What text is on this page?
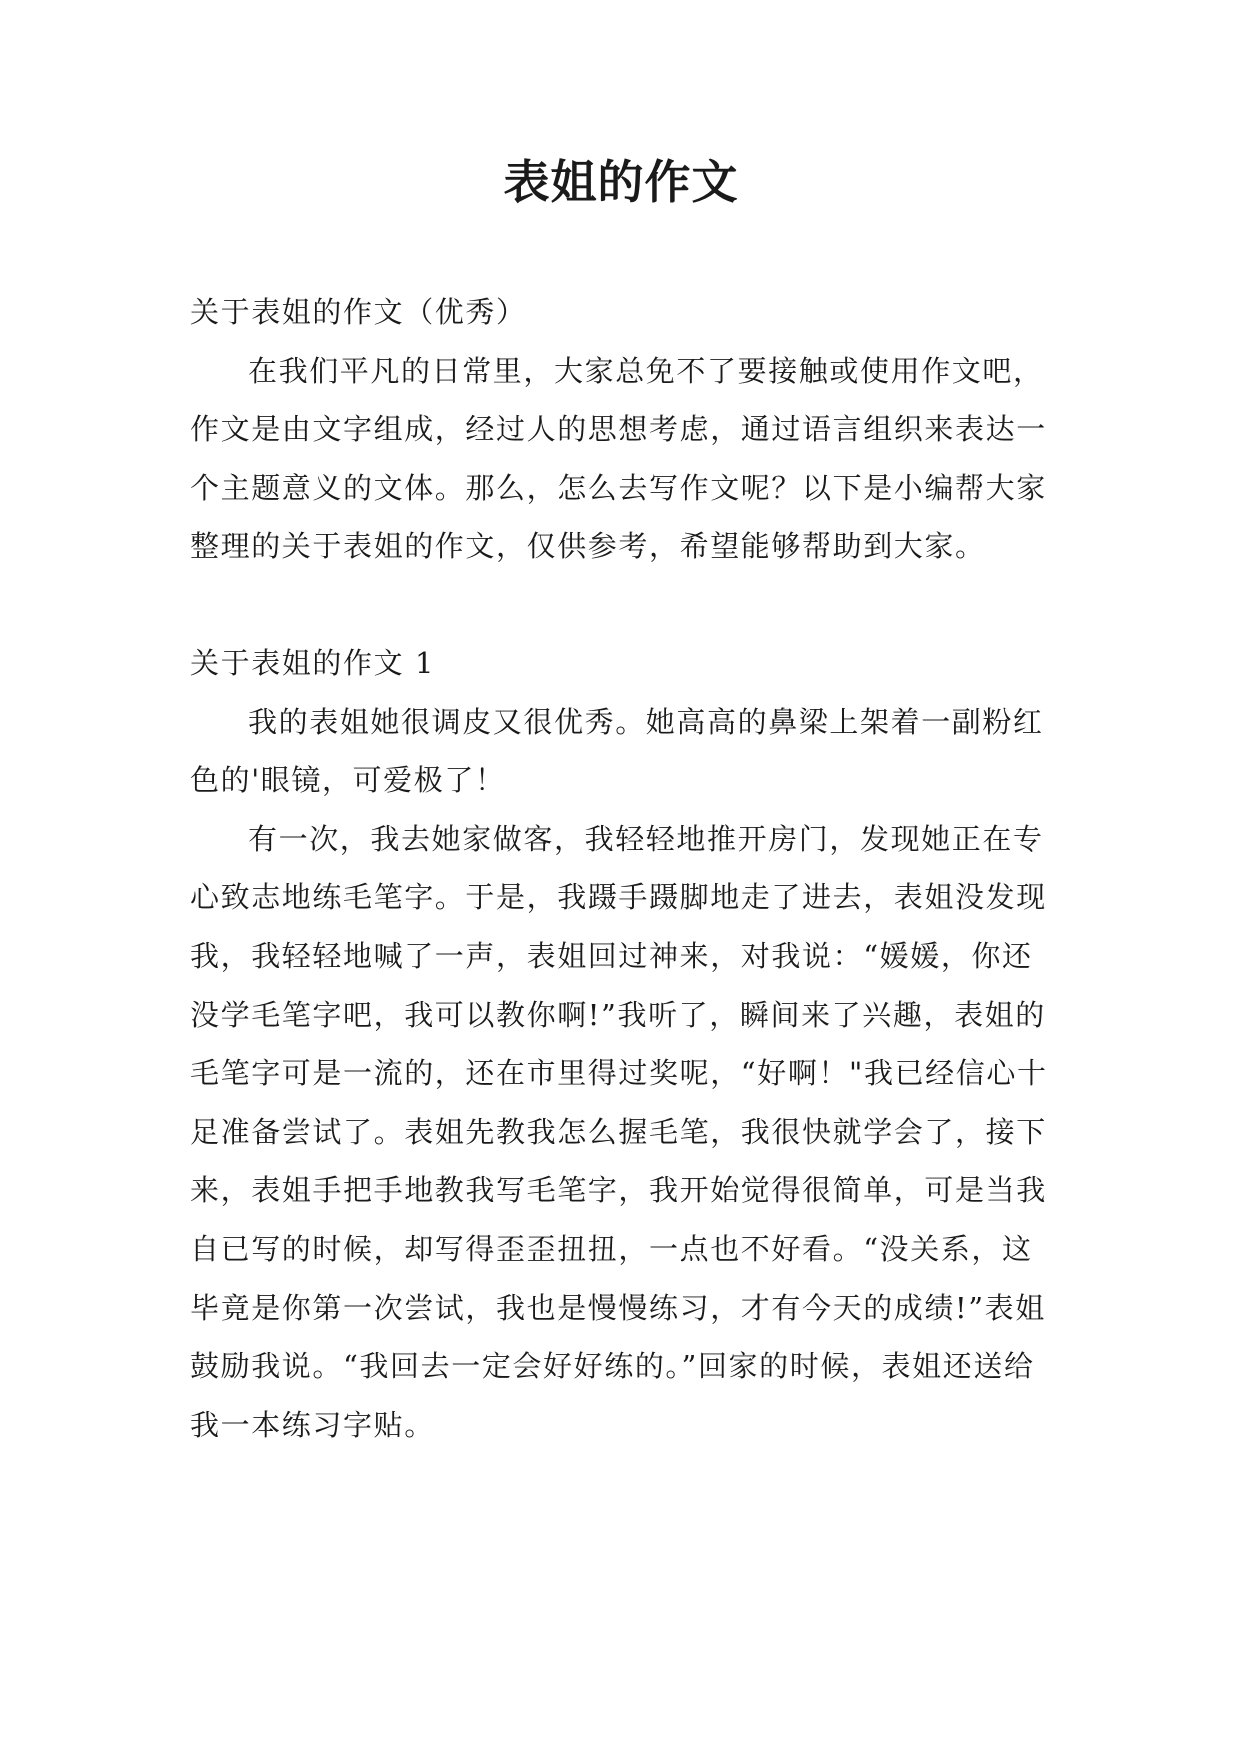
表姐的作文
关于表姐的作文（优秀）

在我们平凡的日常里，大家总免不了要接触或使用作文吧，作文是由文字组成，经过人的思想考虑，通过语言组织来表达一个主题意义的文体。那么，怎么去写作文呢？以下是小编帮大家整理的关于表姐的作文，仅供参考，希望能够帮助到大家。

关于表姐的作文 1

我的表姐她很调皮又很优秀。她高高的鼻梁上架着一副粉红色的'眼镜，可爱极了！

有一次，我去她家做客，我轻轻地推开房门，发现她正在专心致志地练毛笔字。于是，我蹑手蹑脚地走了进去，表姐没发现我，我轻轻地喊了一声，表姐回过神来，对我说：“媛媛，你还没学毛笔字吧，我可以教你啊!”我听了，瞬间来了兴趣，表姐的毛笔字可是一流的，还在市里得过奖呢，“好啊！"我已经信心十足准备尝试了。表姐先教我怎么握毛笔，我很快就学会了，接下来，表姐手把手地教我写毛笔字，我开始觉得很简单，可是当我自已写的时候，却写得歪歪扭扭，一点也不好看。“没关系，这毕竟是你第一次尝试，我也是慢慢练习，才有今天的成绩!”表姐鼓励我说。“我回去一定会好好练的。”回家的时候，表姐还送给我一本练习字贴。
